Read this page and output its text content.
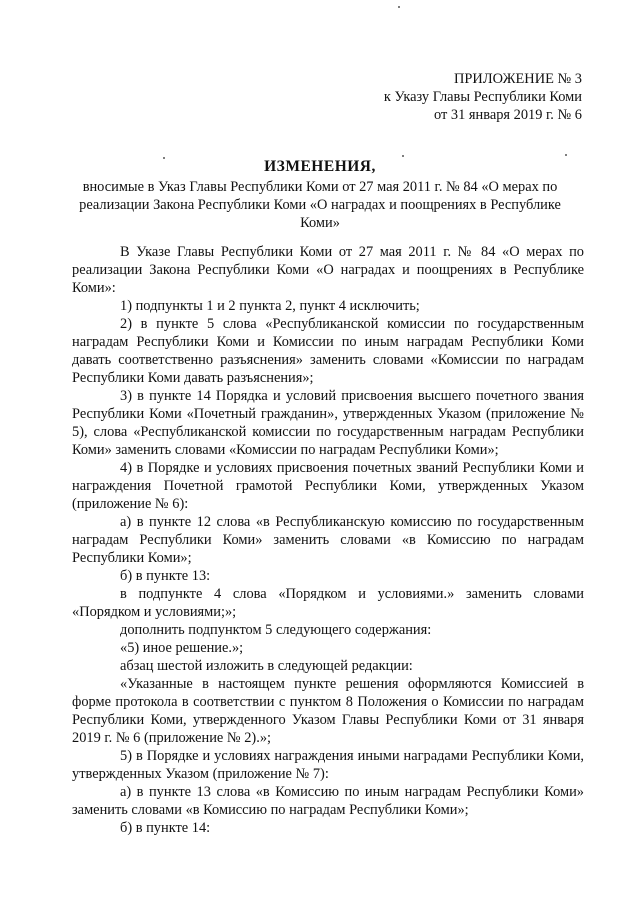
ПРИЛОЖЕНИЕ № 3
к Указу Главы Республики Коми
от 31 января 2019 г. № 6
ИЗМЕНЕНИЯ,
вносимые в Указ Главы Республики Коми от 27 мая 2011 г. № 84 «О мерах по реализации Закона Республики Коми «О наградах и поощрениях в Республике Коми»

В Указе Главы Республики Коми от 27 мая 2011 г. № 84 «О мерах по реализации Закона Республики Коми «О наградах и поощрениях в Республике Коми»:

1) подпункты 1 и 2 пункта 2, пункт 4 исключить;

2) в пункте 5 слова «Республиканской комиссии по государственным наградам Республики Коми и Комиссии по иным наградам Республики Коми давать соответственно разъяснения» заменить словами «Комиссии по наградам Республики Коми давать разъяснения»;

3) в пункте 14 Порядка и условий присвоения высшего почетного звания Республики Коми «Почетный гражданин», утвержденных Указом (приложение № 5), слова «Республиканской комиссии по государственным наградам Республики Коми» заменить словами «Комиссии по наградам Республики Коми»;

4) в Порядке и условиях присвоения почетных званий Республики Коми и награждения Почетной грамотой Республики Коми, утвержденных Указом (приложение № 6):

а) в пункте 12 слова «в Республиканскую комиссию по государственным наградам Республики Коми» заменить словами «в Комиссию по наградам Республики Коми»;

б) в пункте 13:

в подпункте 4 слова «Порядком и условиями.» заменить словами «Порядком и условиями;»;

дополнить подпунктом 5 следующего содержания:

«5) иное решение.»;

абзац шестой изложить в следующей редакции:

«Указанные в настоящем пункте решения оформляются Комиссией в форме протокола в соответствии с пунктом 8 Положения о Комиссии по наградам Республики Коми, утвержденного Указом Главы Республики Коми от 31 января 2019 г. № 6 (приложение № 2).»;

5) в Порядке и условиях награждения иными наградами Республики Коми, утвержденных Указом (приложение № 7):

а) в пункте 13 слова «в Комиссию по иным наградам Республики Коми» заменить словами «в Комиссию по наградам Республики Коми»;

б) в пункте 14:
